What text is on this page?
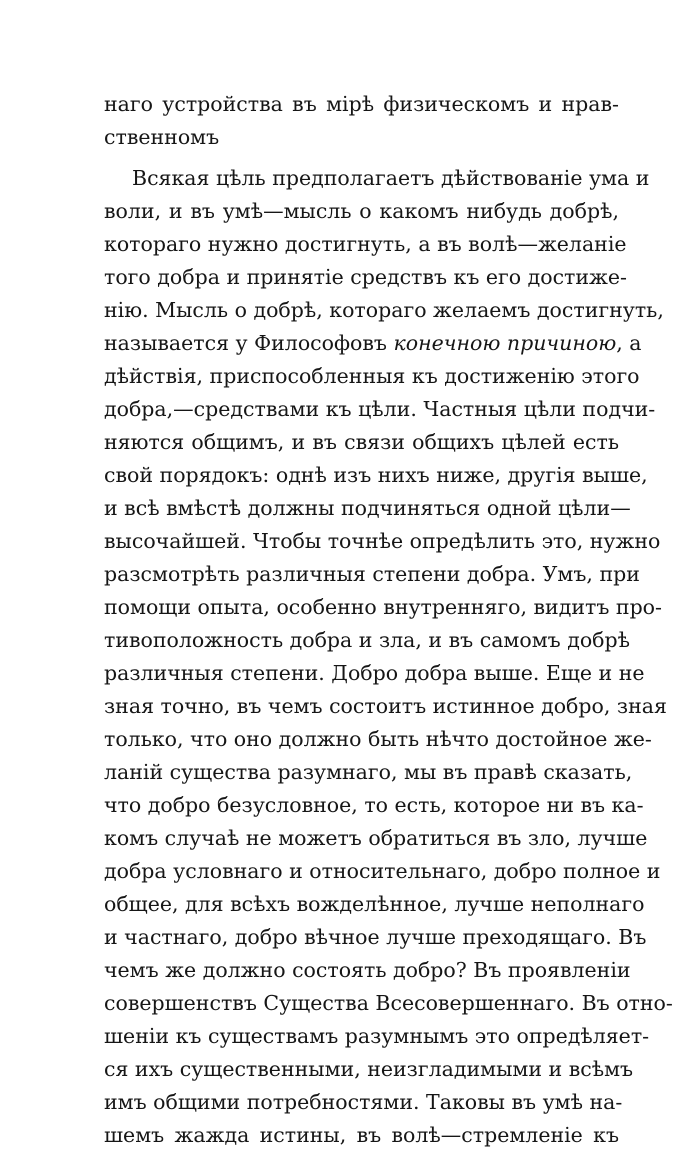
наго устройства въ мірѣ физическомъ и нрав-
ственномъ
Всякая цѣль предполагаетъ дѣйствованіе ума и
воли, и въ умѣ—мысль о какомъ нибудь добрѣ,
котораго нужно достигнуть, а въ волѣ—желаніе
того добра и принятіе средствъ къ его достиже-
нію. Мысль о добрѣ, котораго желаемъ достигнуть,
называется у Философовъ конечною причиною, а
дѣйствія, приспособленныя къ достиженію этого
добра,—средствами къ цѣли. Частныя цѣли подчи-
няются общимъ, и въ связи общихъ цѣлей есть
свой порядокъ: однѣ изъ нихъ ниже, другія выше,
и всѣ вмѣстѣ должны подчиняться одной цѣли—
высочайшей. Чтобы точнѣе опредѣлить это, нужно
разсмотрѣть различныя степени добра. Умъ, при
помощи опыта, особенно внутренняго, видитъ про-
тивоположность добра и зла, и въ самомъ добрѣ
различныя степени. Добро добра выше. Еще и не
зная точно, въ чемъ состоитъ истинное добро, зная
только, что оно должно быть нѣчто достойное же-
ланій существа разумнаго, мы въ правѣ сказать,
что добро безусловное, то есть, которое ни въ ка-
комъ случаѣ не можетъ обратиться въ зло, лучше
добра условнаго и относительнаго, добро полное и
общее, для всѣхъ вожделѣнное, лучше неполнаго
и частнаго, добро вѣчное лучше преходящаго. Въ
чемъ же должно состоять добро? Въ проявленіи
совершенствъ Существа Всесовершеннаго. Въ отно-
шеніи къ существамъ разумнымъ это опредѣляет-
ся ихъ существенными, неизгладимыми и всѣмъ
имъ общими потребностями. Таковы въ умѣ на-
шемъ жажда истины, въ волѣ—стремленіе къ
